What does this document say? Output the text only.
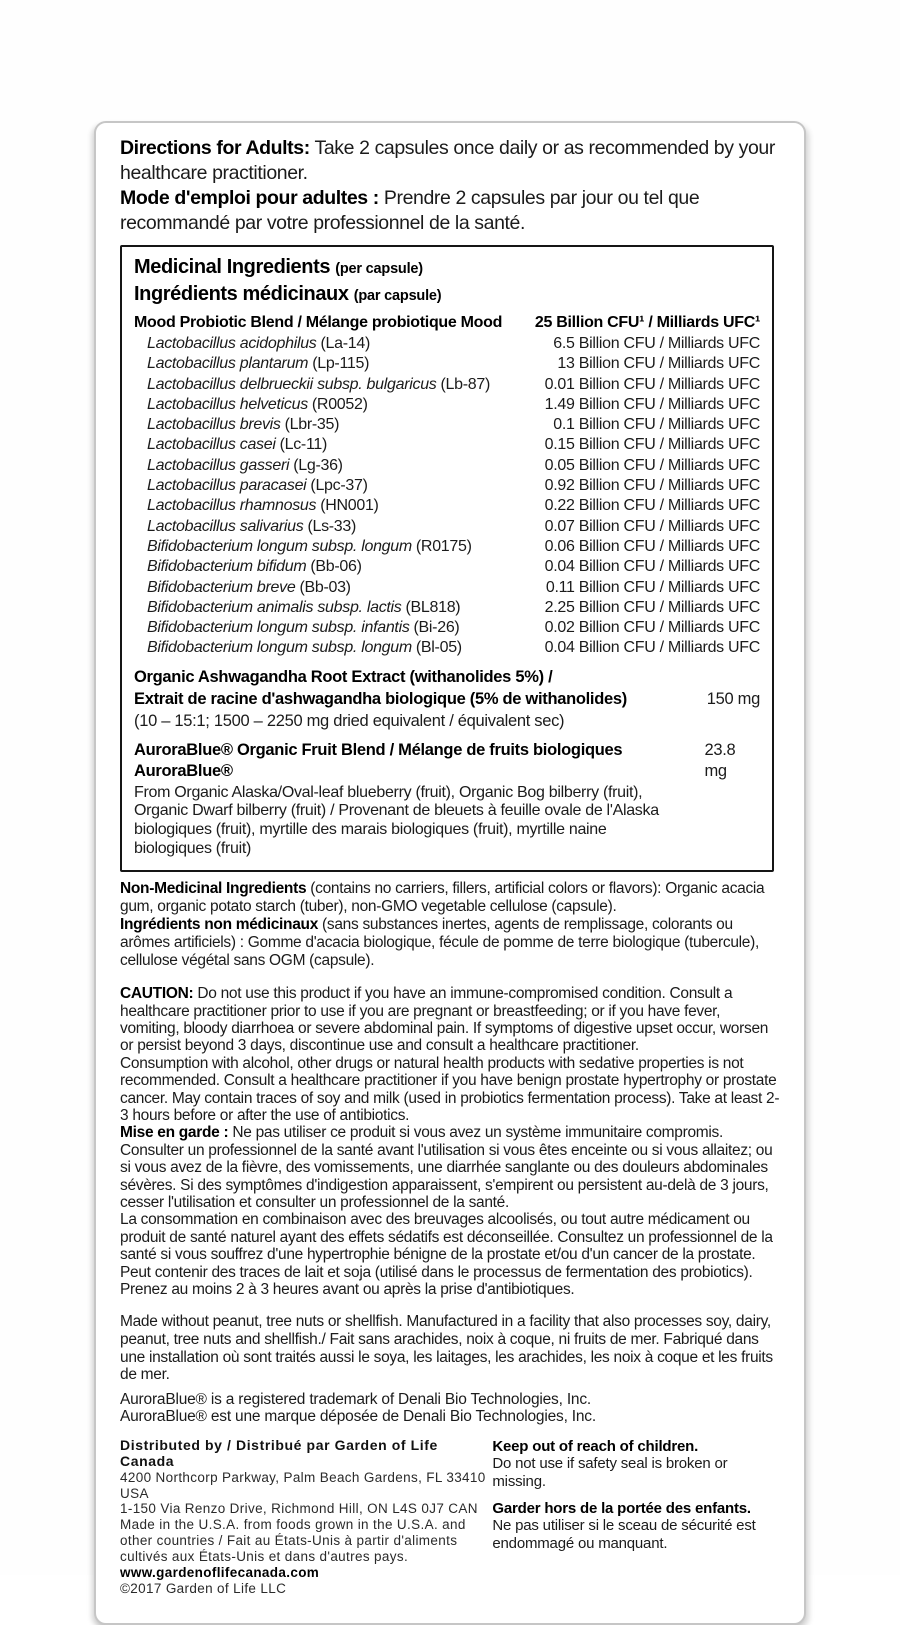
Directions for Adults: Take 2 capsules once daily or as recommended by your healthcare practitioner.

Mode d'emploi pour adultes : Prendre 2 capsules par jour ou tel que recommandé par votre professionnel de la santé.

Medicinal Ingredients (per capsule)
Ingrédients médicinaux (par capsule)
Mood Probiotic Blend / Mélange probiotique Mood 25 Billion CFU¹ / Milliards UFC¹
Lactobacillus acidophilus (La-14)	6.5 Billion CFU / Milliards UFC
Lactobacillus plantarum (Lp-115)	13 Billion CFU / Milliards UFC
Lactobacillus delbrueckii subsp. bulgaricus (Lb-87)	0.01 Billion CFU / Milliards UFC
Lactobacillus helveticus (R0052)	1.49 Billion CFU / Milliards UFC
Lactobacillus brevis (Lbr-35)	0.1 Billion CFU / Milliards UFC
Lactobacillus casei (Lc-11)	0.15 Billion CFU / Milliards UFC
Lactobacillus gasseri (Lg-36)	0.05 Billion CFU / Milliards UFC
Lactobacillus paracasei (Lpc-37)	0.92 Billion CFU / Milliards UFC
Lactobacillus rhamnosus (HN001)	0.22 Billion CFU / Milliards UFC
Lactobacillus salivarius (Ls-33)	0.07 Billion CFU / Milliards UFC
Bifidobacterium longum subsp. longum (R0175)	0.06 Billion CFU / Milliards UFC
Bifidobacterium bifidum (Bb-06)	0.04 Billion CFU / Milliards UFC
Bifidobacterium breve (Bb-03)	0.11 Billion CFU / Milliards UFC
Bifidobacterium animalis subsp. lactis (BL818)	2.25 Billion CFU / Milliards UFC
Bifidobacterium longum subsp. infantis (Bi-26)	0.02 Billion CFU / Milliards UFC
Bifidobacterium longum subsp. longum (Bl-05)	0.04 Billion CFU / Milliards UFC

Organic Ashwagandha Root Extract (withanolides 5%) /

Extrait de racine d'ashwagandha biologique (5% de withanolides)	150 mg

(10 – 15:1; 1500 – 2250 mg dried equivalent / équivalent sec)

AuroraBlue® Organic Fruit Blend / Mélange de fruits biologiques AuroraBlue®
23.8 mg

From Organic Alaska/Oval-leaf blueberry (fruit), Organic Bog bilberry (fruit), Organic Dwarf bilberry (fruit) / Provenant de bleuets à feuille ovale de l'Alaska biologiques (fruit), myrtille des marais biologiques (fruit), myrtille naine biologiques (fruit)

Non-Medicinal Ingredients (contains no carriers, fillers, artificial colors or flavors): Organic acacia gum, organic potato starch (tuber), non-GMO vegetable cellulose (capsule).

Ingrédients non médicinaux (sans substances inertes, agents de remplissage, colorants ou arômes artificiels) : Gomme d'acacia biologique, fécule de pomme de terre biologique (tubercule), cellulose végétal sans OGM (capsule).

CAUTION: Do not use this product if you have an immune-compromised condition. Consult a healthcare practitioner prior to use if you are pregnant or breastfeeding; or if you have fever, vomiting, bloody diarrhoea or severe abdominal pain. If symptoms of digestive upset occur, worsen or persist beyond 3 days, discontinue use and consult a healthcare practitioner.

Consumption with alcohol, other drugs or natural health products with sedative properties is not recommended. Consult a healthcare practitioner if you have benign prostate hypertrophy or prostate cancer. May contain traces of soy and milk (used in probiotics fermentation process). Take at least 2-3 hours before or after the use of antibiotics.

Mise en garde : Ne pas utiliser ce produit si vous avez un système immunitaire compromis. Consulter un professionnel de la santé avant l'utilisation si vous êtes enceinte ou si vous allaitez; ou si vous avez de la fièvre, des vomissements, une diarrhée sanglante ou des douleurs abdominales sévères. Si des symptômes d'indigestion apparaissent, s'empirent ou persistent au-delà de 3 jours, cesser l'utilisation et consulter un professionnel de la santé.

La consommation en combinaison avec des breuvages alcoolisés, ou tout autre médicament ou produit de santé naturel ayant des effets sédatifs est déconseillée. Consultez un professionnel de la santé si vous souffrez d'une hypertrophie bénigne de la prostate et/ou d'un cancer de la prostate. Peut contenir des traces de lait et soja (utilisé dans le processus de fermentation des probiotics). Prenez au moins 2 à 3 heures avant ou après la prise d'antibiotiques.

Made without peanut, tree nuts or shellfish. Manufactured in a facility that also processes soy, dairy, peanut, tree nuts and shellfish./ Fait sans arachides, noix à coque, ni fruits de mer. Fabriqué dans une installation où sont traités aussi le soya, les laitages, les arachides, les noix à coque et les fruits de mer.

AuroraBlue® is a registered trademark of Denali Bio Technologies, Inc.

AuroraBlue® est une marque déposée de Denali Bio Technologies, Inc.

Distributed by / Distribué par Garden of Life Canada

4200 Northcorp Parkway, Palm Beach Gardens, FL 33410 USA

1-150 Via Renzo Drive, Richmond Hill, ON L4S 0J7 CAN

Made in the U.S.A. from foods grown in the U.S.A. and other countries / Fait au États-Unis à partir d'aliments cultivés aux États-Unis et dans d'autres pays. www.gardenoflifecanada.com

©2017 Garden of Life LLC

Keep out of reach of children.

Do not use if safety seal is broken or missing.

Garder hors de la portée des enfants.

Ne pas utiliser si le sceau de sécurité est endommagé ou manquant.
